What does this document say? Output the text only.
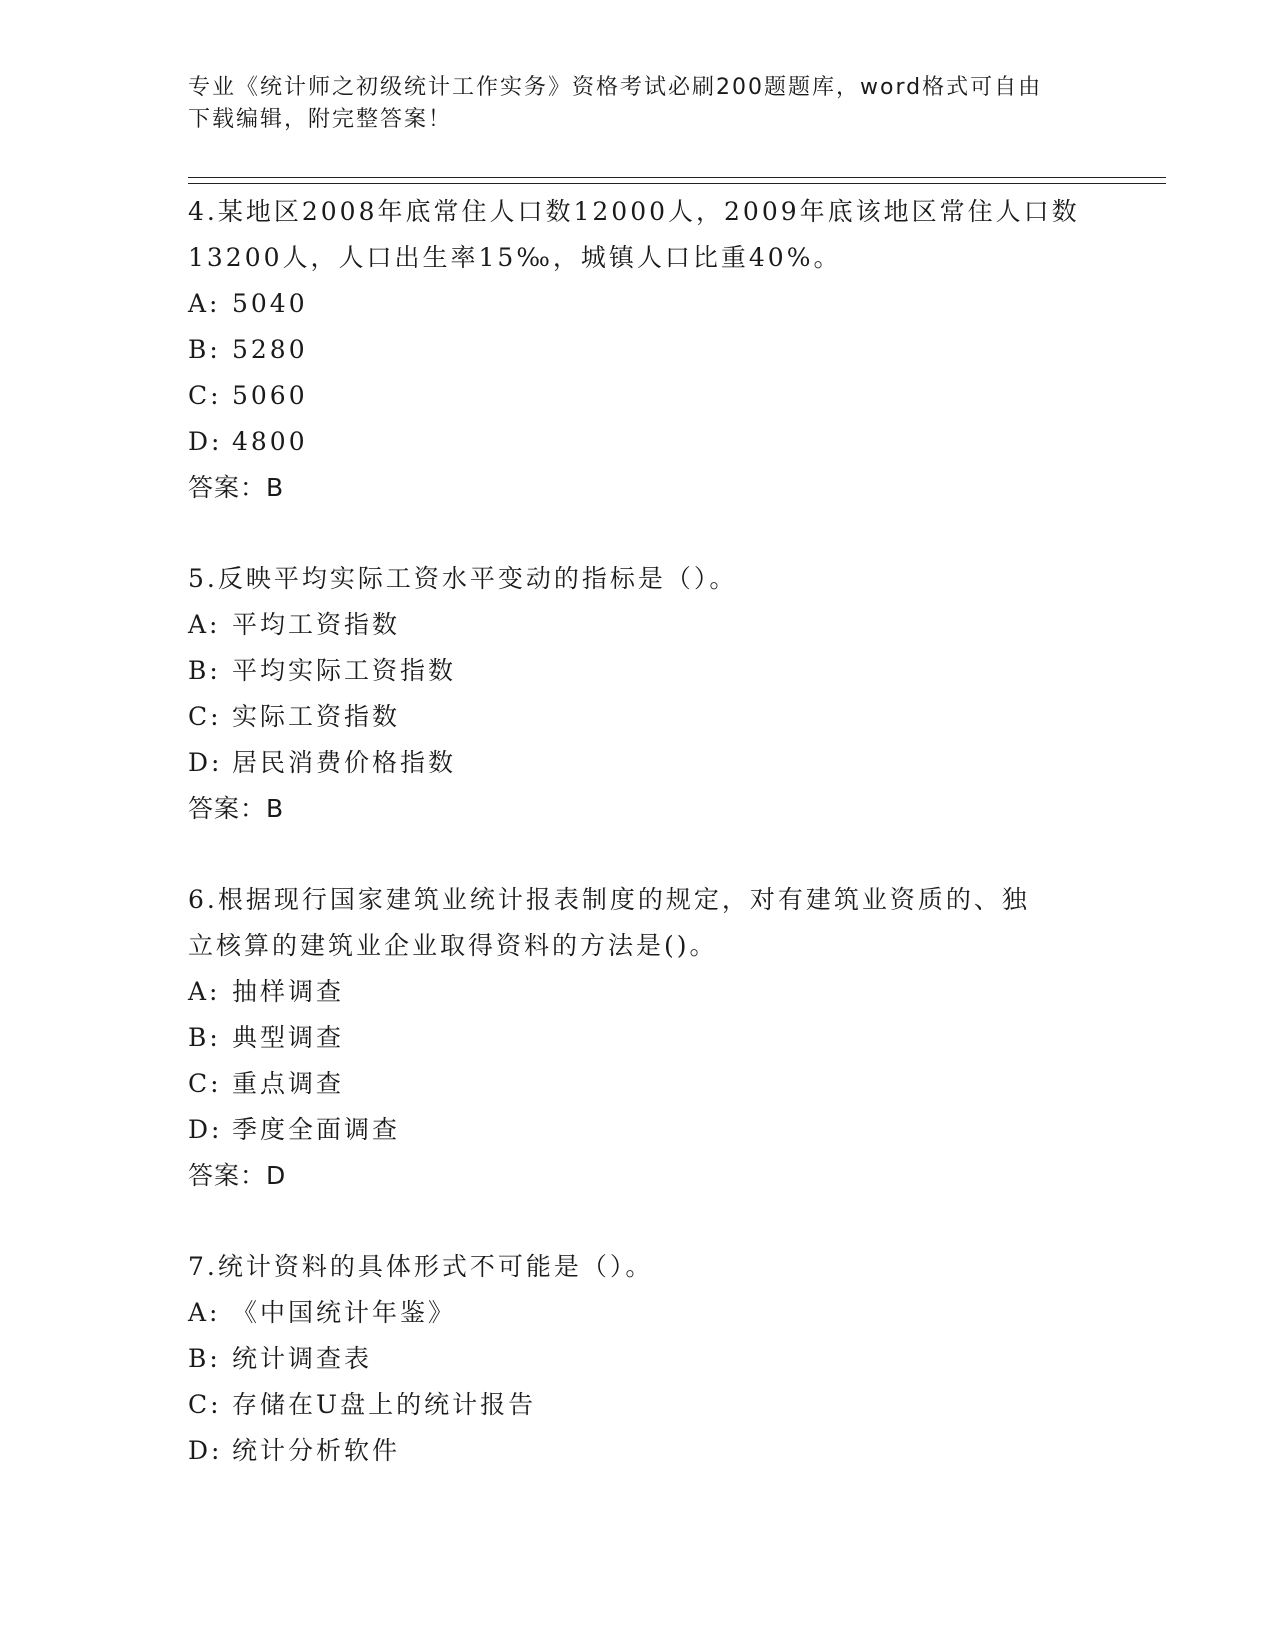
专业《统计师之初级统计工作实务》资格考试必刷200题题库，word格式可自由
下载编辑，附完整答案！

4.某地区2008年底常住人口数12000人，2009年底该地区常住人口数
13200人，人口出生率15‰，城镇人口比重40%。

A: 5040

B: 5280

C: 5060

D: 4800

答案：B

5.反映平均实际工资水平变动的指标是（）。

A: 平均工资指数

B: 平均实际工资指数

C: 实际工资指数

D: 居民消费价格指数

答案：B

6.根据现行国家建筑业统计报表制度的规定，对有建筑业资质的、独
立核算的建筑业企业取得资料的方法是()。

A: 抽样调查

B: 典型调查

C: 重点调查

D: 季度全面调查

答案：D

7.统计资料的具体形式不可能是（）。

A: 《中国统计年鉴》

B: 统计调查表

C: 存储在U盘上的统计报告

D: 统计分析软件
